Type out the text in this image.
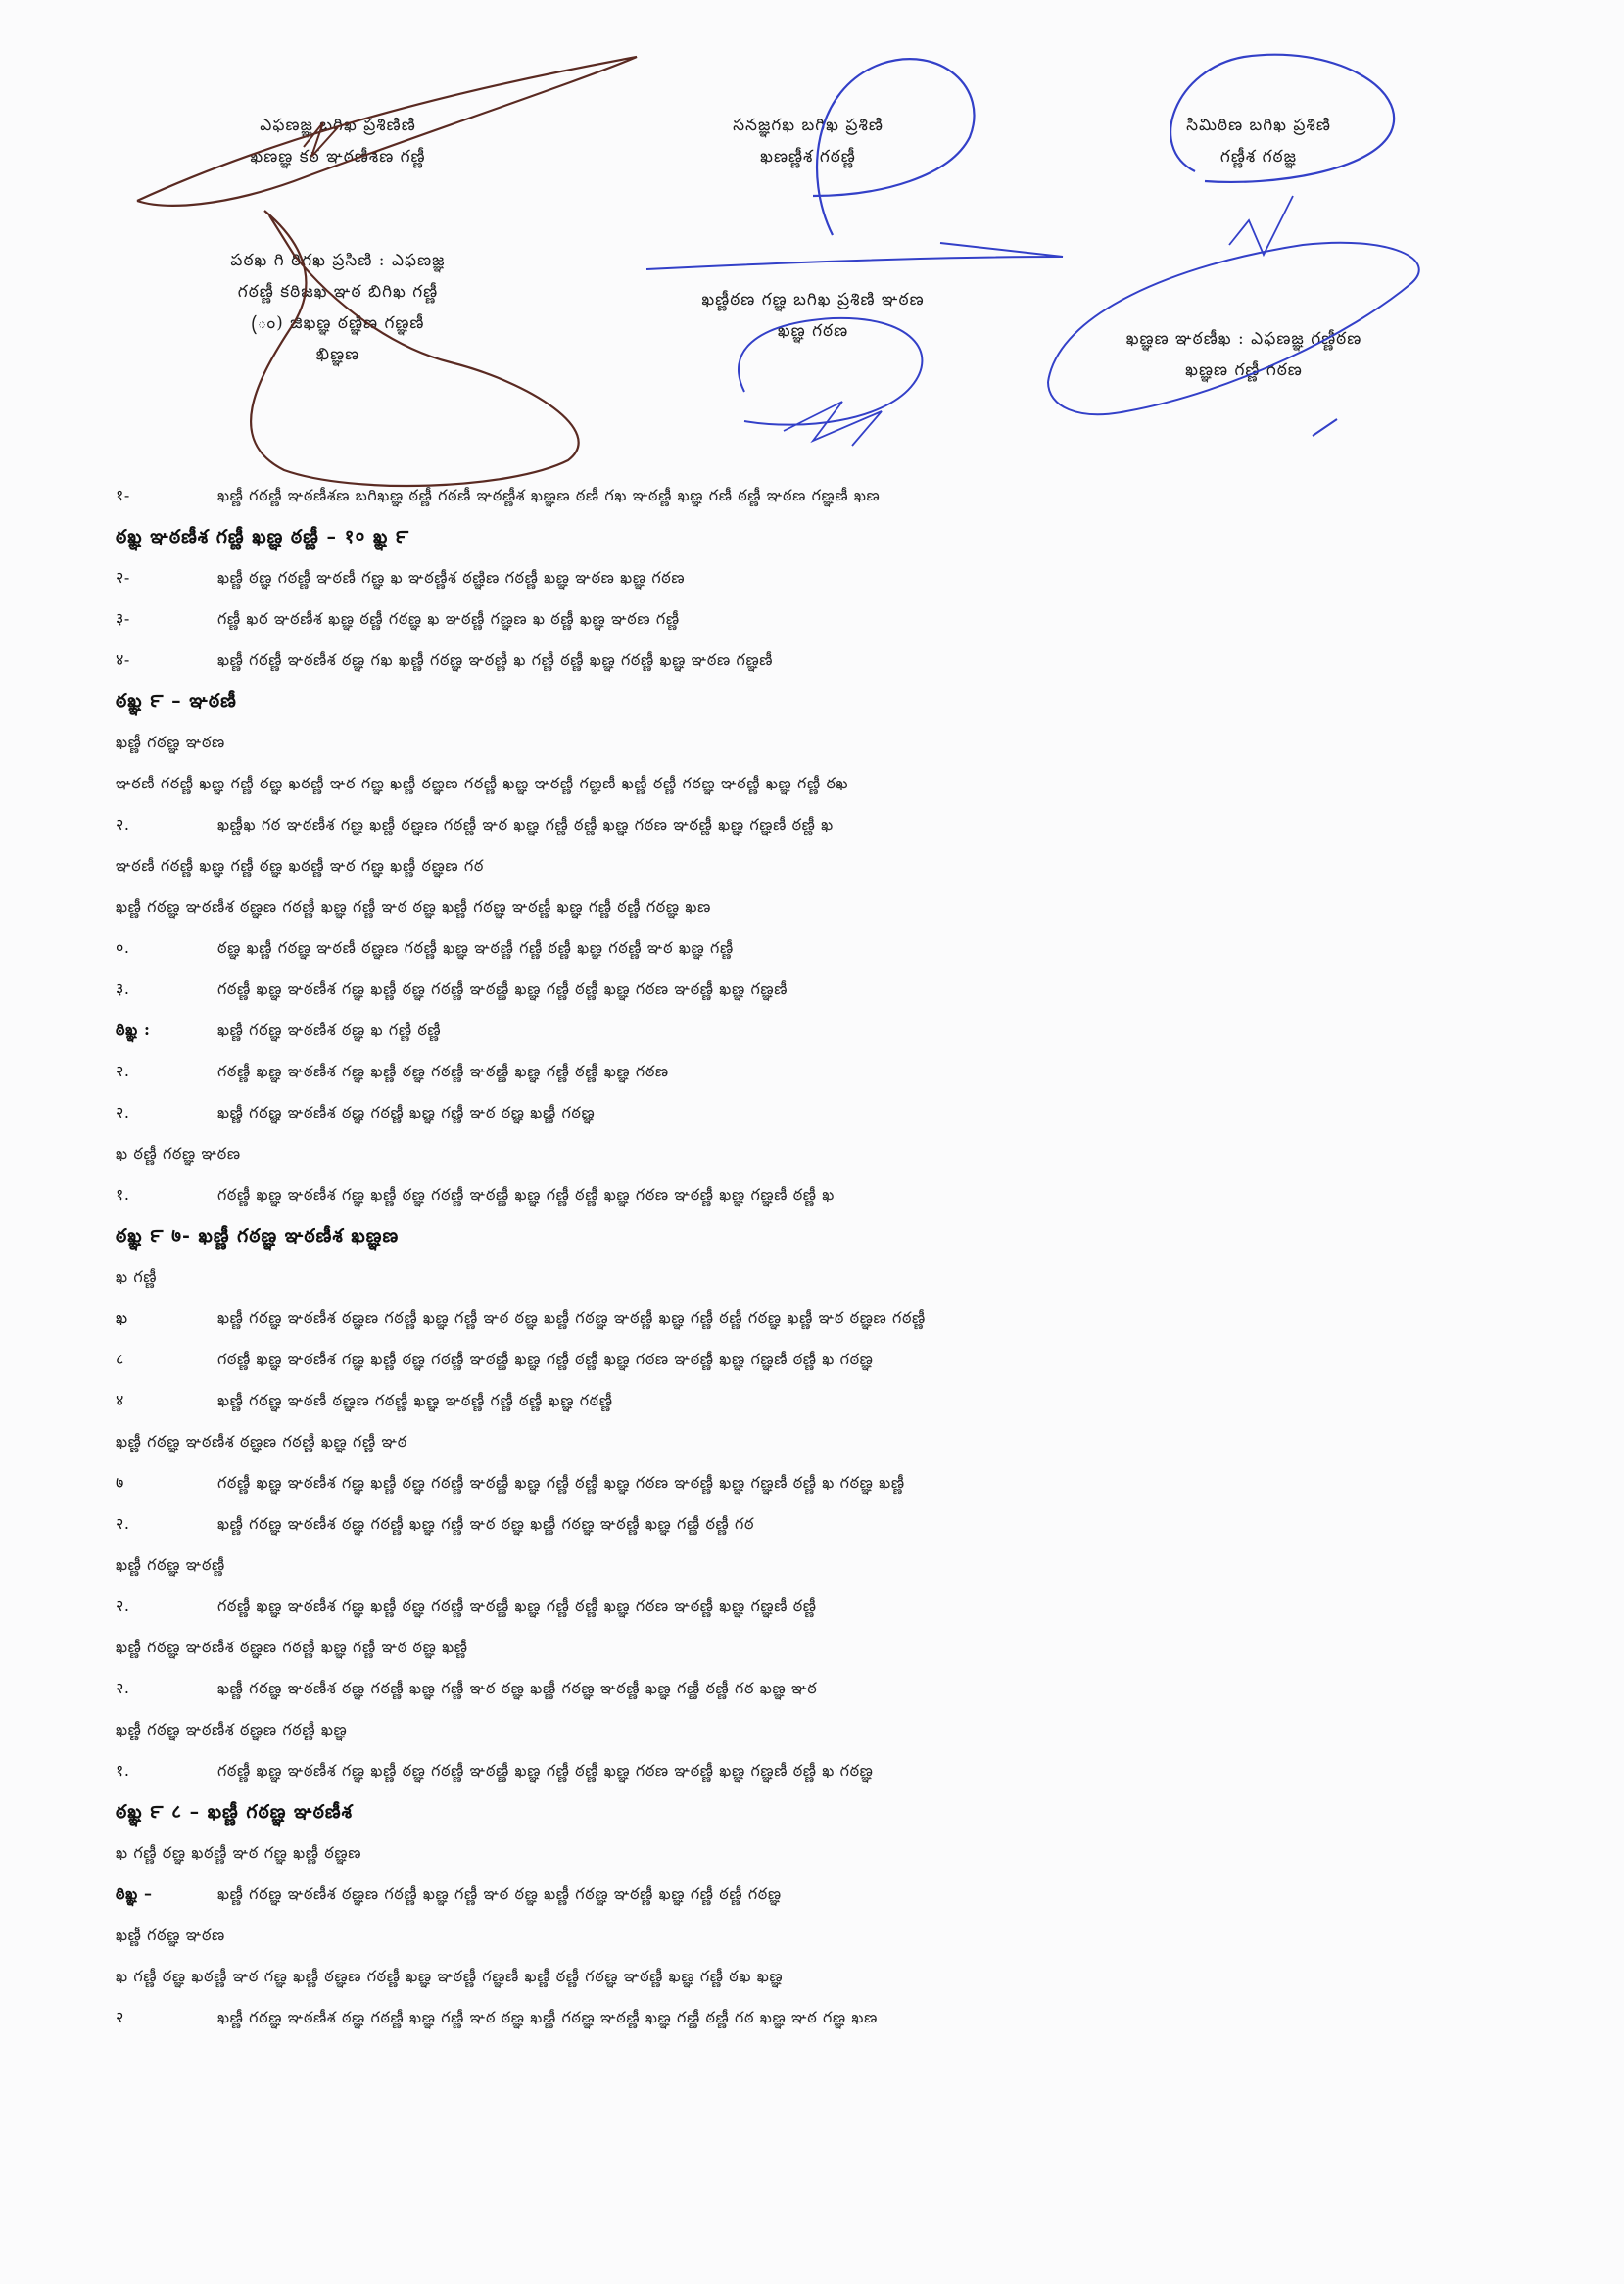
ఎఫణజ్ఞ బగిఖ ప్రశిణిణి
ఖణణ్ఞ కఠ ఞఠణీశణ గణ్ణీ
సనజ్ఞగఖ బగిఖ ప్రశిణి
ఖణణ్ణీశ గఠణ్ణీ
సిమిఠిణ బగిఖ ప్రశిణి
గణ్ణీశ గఠజ్ఞ
పఠఖ గి ఠిగఖ ప్రసిణి : ఎఫణజ్ఞ
గఠణ్ణీ కఠిజఖ ఞఠ బిగిఖ గణ్ణీ
(ం) జిఖణ్ఞ ఠణ్ఞిణ గణ్ఞణీ
ఖిణ్ఞణ
ఖణ్ణీఠణ గణ్ఞ బగిఖ ప్రశిణి ఞఠణ
ఖణ్ఞ గఠణ	ఖణ్ఞణ ఞఠణీఖ : ఎఫణజ్ఞ గణ్ణీఠణ
ఖణ్ఞణ గణ్ణీ గఠణ
१-	ఖణ్ణీ గఠణ్ణీ ఞఠణీశణ బగిఖణ్ఞ ఠణ్ణీ గఠణీ ఞఠణ్ణీశ ఖణ్ఞణ ఠణీ గఖ ఞఠణ్ణీ ఖణ్ఞ గణీ ఠణ్ణీ ఞఠణ గణ్ఞణీ ఖణ
ఠఖ్ఞ ఞఠణీశ గణ్ణీ ఖణ్ఞ ఠణ్ణీ – १० ఖ్ఞ ౯
२-	ఖణ్ణీ ఠణ్ఞ గఠణ్ణీ ఞఠణీ గణ్ఞ ఖ ఞఠణ్ణీశ ఠణ్ఞిణ గఠణ్ణీ ఖణ్ఞ ఞఠణ ఖణ్ఞ గఠణ
३-	గణ్ణీ ఖఠ ఞఠణీశ ఖణ్ఞ ఠణ్ణీ గఠణ్ఞ ఖ ఞఠణ్ణీ గణ్ఞణ ఖ ఠణ్ణీ ఖణ్ఞ ఞఠణ గణ్ణీ
४-	ఖణ్ణీ గఠణ్ణీ ఞఠణీశ ఠణ్ఞ గఖ ఖణ్ణీ గఠణ్ఞ ఞఠణ్ణీ ఖ గణ్ణీ ఠణ్ణీ ఖణ్ఞ గఠణ్ణీ ఖణ్ఞ ఞఠణ గణ్ఞణీ
ఠఖ్ఞ ౯ – ఞఠణీ
ఖణ్ణీ గఠణ్ఞ ఞఠణ
ఞఠణీ గఠణ్ణీ ఖణ్ఞ గణ్ణీ ఠణ్ఞ ఖఠణ్ణీ ఞఠ గణ్ఞ ఖణ్ణీ ఠణ్ఞణ గఠణ్ణీ ఖణ్ఞ ఞఠణ్ణీ గణ్ఞణీ ఖణ్ణీ ఠణ్ణీ గఠణ్ఞ ఞఠణ్ణీ ఖణ్ఞ గణ్ణీ ఠఖ
२.	ఖణ్ణీఖ గఠ ఞఠణీశ గణ్ఞ ఖణ్ణీ ఠణ్ఞణ గఠణ్ణీ ఞఠ ఖణ్ఞ గణ్ణీ ఠణ్ణీ ఖణ్ఞ గఠణ ఞఠణ్ణీ ఖణ్ఞ గణ్ఞణీ ఠణ్ణీ ఖ
ఞఠణీ గఠణ్ణీ ఖణ్ఞ గణ్ణీ ఠణ్ఞ ఖఠణ్ణీ ఞఠ గణ్ఞ ఖణ్ణీ ఠణ్ఞణ గఠ
ఖణ్ణీ గఠణ్ఞ ఞఠణీశ ఠణ్ఞణ గఠణ్ణీ ఖణ్ఞ గణ్ణీ ఞఠ ఠణ్ఞ ఖణ్ణీ గఠణ్ఞ ఞఠణ్ణీ ఖణ్ఞ గణ్ణీ ఠణ్ణీ గఠణ్ఞ ఖణ
०.	ఠణ్ఞ ఖణ్ణీ గఠణ్ఞ ఞఠణీ ఠణ్ఞణ గఠణ్ణీ ఖణ్ఞ ఞఠణ్ణీ గణ్ణీ ఠణ్ణీ ఖణ్ఞ గఠణ్ణీ ఞఠ ఖణ్ఞ గణ్ణీ
३.	గఠణ్ణీ ఖణ్ఞ ఞఠణీశ గణ్ఞ ఖణ్ణీ ఠణ్ఞ గఠణ్ణీ ఞఠణ్ణీ ఖణ్ఞ గణ్ణీ ఠణ్ణీ ఖణ్ఞ గఠణ ఞఠణ్ణీ ఖణ్ఞ గణ్ఞణీ
ఠిఖ్ఞ :	ఖణ్ణీ గఠణ్ఞ ఞఠణీశ ఠణ్ఞ ఖ గణ్ణీ ఠణ్ణీ
२.	గఠణ్ణీ ఖణ్ఞ ఞఠణీశ గణ్ఞ ఖణ్ణీ ఠణ్ఞ గఠణ్ణీ ఞఠణ్ణీ ఖణ్ఞ గణ్ణీ ఠణ్ణీ ఖణ్ఞ గఠణ
२.	ఖణ్ణీ గఠణ్ఞ ఞఠణీశ ఠణ్ఞ గఠణ్ణీ ఖణ్ఞ గణ్ణీ ఞఠ ఠణ్ఞ ఖణ్ణీ గఠణ్ఞ
ఖ ఠణ్ణీ గఠణ్ఞ ఞఠణ
१.	గఠణ్ణీ ఖణ్ఞ ఞఠణీశ గణ్ఞ ఖణ్ణీ ఠణ్ఞ గఠణ్ణీ ఞఠణ్ణీ ఖణ్ఞ గణ్ణీ ఠణ్ణీ ఖణ్ఞ గఠణ ఞఠణ్ణీ ఖణ్ఞ గణ్ఞణీ ఠణ్ణీ ఖ
ఠఖ్ఞ ౯ ७- ఖణ్ణీ గఠణ్ఞ ఞఠణీశ ఖణ్ఞణ
ఖ గణ్ణీ
ఖ	ఖణ్ణీ గఠణ్ఞ ఞఠణీశ ఠణ్ఞణ గఠణ్ణీ ఖణ్ఞ గణ్ణీ ఞఠ ఠణ్ఞ ఖణ్ణీ గఠణ్ఞ ఞఠణ్ణీ ఖణ్ఞ గణ్ణీ ఠణ్ణీ గఠణ్ఞ ఖణ్ణీ ఞఠ ఠణ్ఞణ గఠణ్ణీ
८	గఠణ్ణీ ఖణ్ఞ ఞఠణీశ గణ్ఞ ఖణ్ణీ ఠణ్ఞ గఠణ్ణీ ఞఠణ్ణీ ఖణ్ఞ గణ్ణీ ఠణ్ణీ ఖణ్ఞ గఠణ ఞఠణ్ణీ ఖణ్ఞ గణ్ఞణీ ఠణ్ణీ ఖ గఠణ్ఞ
४	ఖణ్ణీ గఠణ్ఞ ఞఠణీ ఠణ్ఞణ గఠణ్ణీ ఖణ్ఞ ఞఠణ్ణీ గణ్ణీ ఠణ్ణీ ఖణ్ఞ గఠణ్ణీ
ఖణ్ణీ గఠణ్ఞ ఞఠణీశ ఠణ్ఞణ గఠణ్ణీ ఖణ్ఞ గణ్ణీ ఞఠ
७	గఠణ్ణీ ఖణ్ఞ ఞఠణీశ గణ్ఞ ఖణ్ణీ ఠణ్ఞ గఠణ్ణీ ఞఠణ్ణీ ఖణ్ఞ గణ్ణీ ఠణ్ణీ ఖణ్ఞ గఠణ ఞఠణ్ణీ ఖణ్ఞ గణ్ఞణీ ఠణ్ణీ ఖ గఠణ్ఞ ఖణ్ణీ
२.	ఖణ్ణీ గఠణ్ఞ ఞఠణీశ ఠణ్ఞ గఠణ్ణీ ఖణ్ఞ గణ్ణీ ఞఠ ఠణ్ఞ ఖణ్ణీ గఠణ్ఞ ఞఠణ్ణీ ఖణ్ఞ గణ్ణీ ఠణ్ణీ గఠ
ఖణ్ణీ గఠణ్ఞ ఞఠణ్ణీ
२.	గఠణ్ణీ ఖణ్ఞ ఞఠణీశ గణ్ఞ ఖణ్ణీ ఠణ్ఞ గఠణ్ణీ ఞఠణ్ణీ ఖణ్ఞ గణ్ణీ ఠణ్ణీ ఖణ్ఞ గఠణ ఞఠణ్ణీ ఖణ్ఞ గణ్ఞణీ ఠణ్ణీ
ఖణ్ణీ గఠణ్ఞ ఞఠణీశ ఠణ్ఞణ గఠణ్ణీ ఖణ్ఞ గణ్ణీ ఞఠ ఠణ్ఞ ఖణ్ణీ
२.	ఖణ్ణీ గఠణ్ఞ ఞఠణీశ ఠణ్ఞ గఠణ్ణీ ఖణ్ఞ గణ్ణీ ఞఠ ఠణ్ఞ ఖణ్ణీ గఠణ్ఞ ఞఠణ్ణీ ఖణ్ఞ గణ్ణీ ఠణ్ణీ గఠ ఖణ్ఞ ఞఠ
ఖణ్ణీ గఠణ్ఞ ఞఠణీశ ఠణ్ఞణ గఠణ్ణీ ఖణ్ఞ
१.	గఠణ్ణీ ఖణ్ఞ ఞఠణీశ గణ్ఞ ఖణ్ణీ ఠణ్ఞ గఠణ్ణీ ఞఠణ్ణీ ఖణ్ఞ గణ్ణీ ఠణ్ణీ ఖణ్ఞ గఠణ ఞఠణ్ణీ ఖణ్ఞ గణ్ఞణీ ఠణ్ణీ ఖ గఠణ్ఞ
ఠఖ్ఞ ౯ ८ – ఖణ్ణీ గఠణ్ఞ ఞఠణీశ
ఖ గణ్ణీ ఠణ్ఞ ఖఠణ్ణీ ఞఠ గణ్ఞ ఖణ్ణీ ఠణ్ఞణ
ఠిఖ్ఞ –	ఖణ్ణీ గఠణ్ఞ ఞఠణీశ ఠణ్ఞణ గఠణ్ణీ ఖణ్ఞ గణ్ణీ ఞఠ ఠణ్ఞ ఖణ్ణీ గఠణ్ఞ ఞఠణ్ణీ ఖణ్ఞ గణ్ణీ ఠణ్ణీ గఠణ్ఞ
ఖణ్ణీ గఠణ్ఞ ఞఠణ
ఖ గణ్ణీ ఠణ్ఞ ఖఠణ్ణీ ఞఠ గణ్ఞ ఖణ్ణీ ఠణ్ఞణ గఠణ్ణీ ఖణ్ఞ ఞఠణ్ణీ గణ్ఞణీ ఖణ్ణీ ఠణ్ణీ గఠణ్ఞ ఞఠణ్ణీ ఖణ్ఞ గణ్ణీ ఠఖ ఖణ్ఞ
२	ఖణ్ణీ గఠణ్ఞ ఞఠణీశ ఠణ్ఞ గఠణ్ణీ ఖణ్ఞ గణ్ణీ ఞఠ ఠణ్ఞ ఖణ్ణీ గఠణ్ఞ ఞఠణ్ణీ ఖణ్ఞ గణ్ణీ ఠణ్ణీ గఠ ఖణ్ఞ ఞఠ గణ్ఞ ఖణ
